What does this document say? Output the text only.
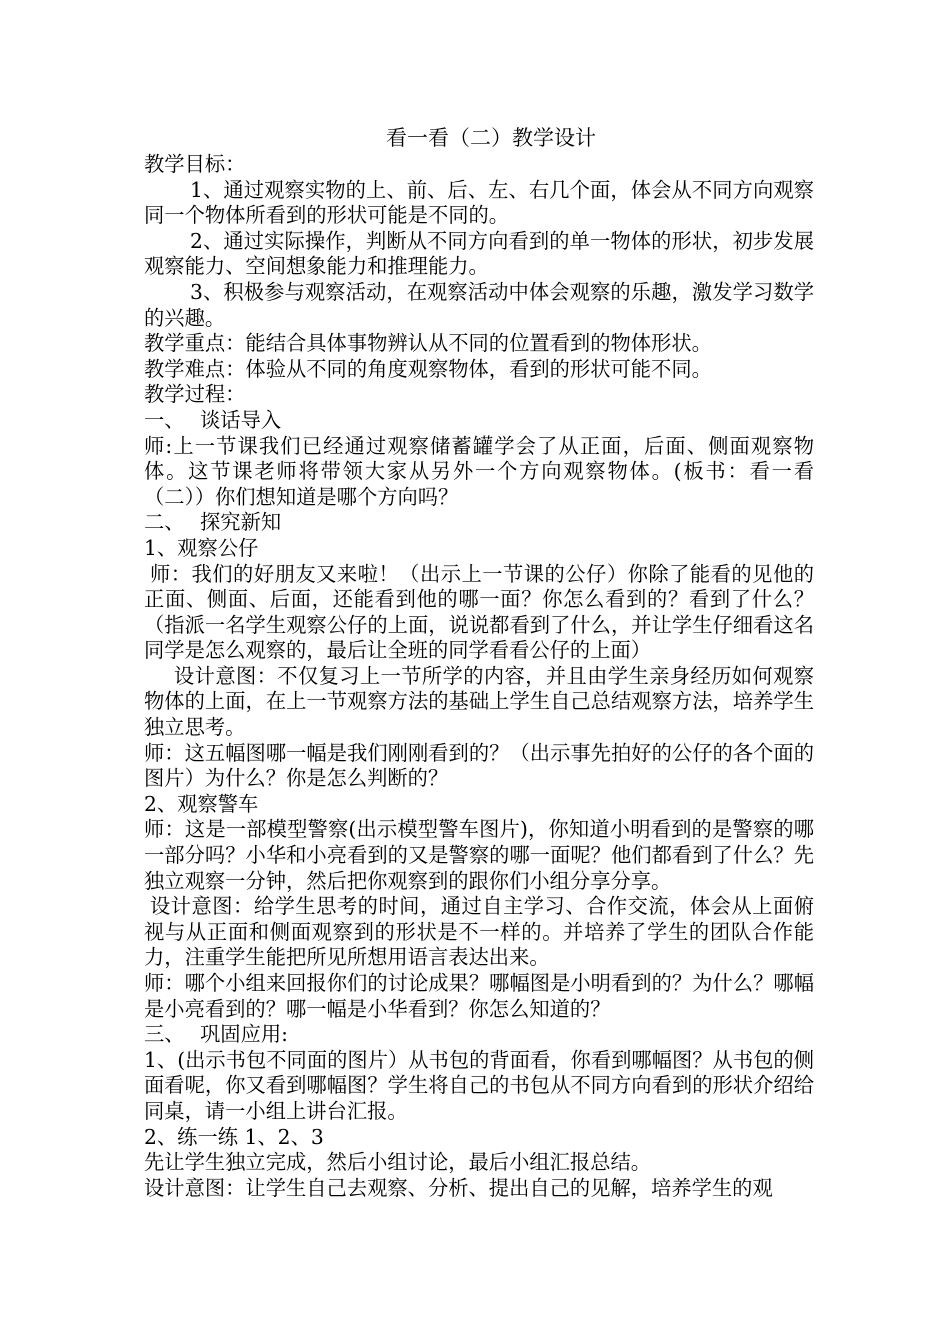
看一看（二）教学设计

教学目标：

1、通过观察实物的上、前、后、左、右几个面，体会从不同方向观察同一个物体所看到的形状可能是不同的。

2、通过实际操作，判断从不同方向看到的单一物体的形状，初步发展观察能力、空间想象能力和推理能力。

3、积极参与观察活动，在观察活动中体会观察的乐趣，激发学习数学的兴趣。

教学重点：能结合具体事物辨认从不同的位置看到的物体形状。

教学难点：体验从不同的角度观察物体，看到的形状可能不同。

教学过程：

一、 谈话导入

师:上一节课我们已经通过观察储蓄罐学会了从正面，后面、侧面观察物体。这节课老师将带领大家从另外一个方向观察物体。(板书：看一看（二））你们想知道是哪个方向吗？

二、 探究新知

1、观察公仔

师：我们的好朋友又来啦！（出示上一节课的公仔）你除了能看的见他的正面、侧面、后面，还能看到他的哪一面？你怎么看到的？看到了什么？（指派一名学生观察公仔的上面，说说都看到了什么，并让学生仔细看这名同学是怎么观察的，最后让全班的同学看看公仔的上面）

设计意图：不仅复习上一节所学的内容，并且由学生亲身经历如何观察物体的上面，在上一节观察方法的基础上学生自己总结观察方法，培养学生独立思考。

师：这五幅图哪一幅是我们刚刚看到的？（出示事先拍好的公仔的各个面的图片）为什么？你是怎么判断的？

2、观察警车

师：这是一部模型警察(出示模型警车图片)，你知道小明看到的是警察的哪一部分吗？小华和小亮看到的又是警察的哪一面呢？他们都看到了什么？先独立观察一分钟，然后把你观察到的跟你们小组分享分享。

设计意图：给学生思考的时间，通过自主学习、合作交流，体会从上面俯视与从正面和侧面观察到的形状是不一样的。并培养了学生的团队合作能力，注重学生能把所见所想用语言表达出来。

师：哪个小组来回报你们的讨论成果？哪幅图是小明看到的？为什么？哪幅是小亮看到的？哪一幅是小华看到？你怎么知道的？

三、 巩固应用:

1、(出示书包不同面的图片）从书包的背面看，你看到哪幅图？从书包的侧面看呢，你又看到哪幅图？学生将自己的书包从不同方向看到的形状介绍给同桌，请一小组上讲台汇报。

2、练一练 1、2、3

先让学生独立完成，然后小组讨论，最后小组汇报总结。

设计意图：让学生自己去观察、分析、提出自己的见解，培养学生的观
